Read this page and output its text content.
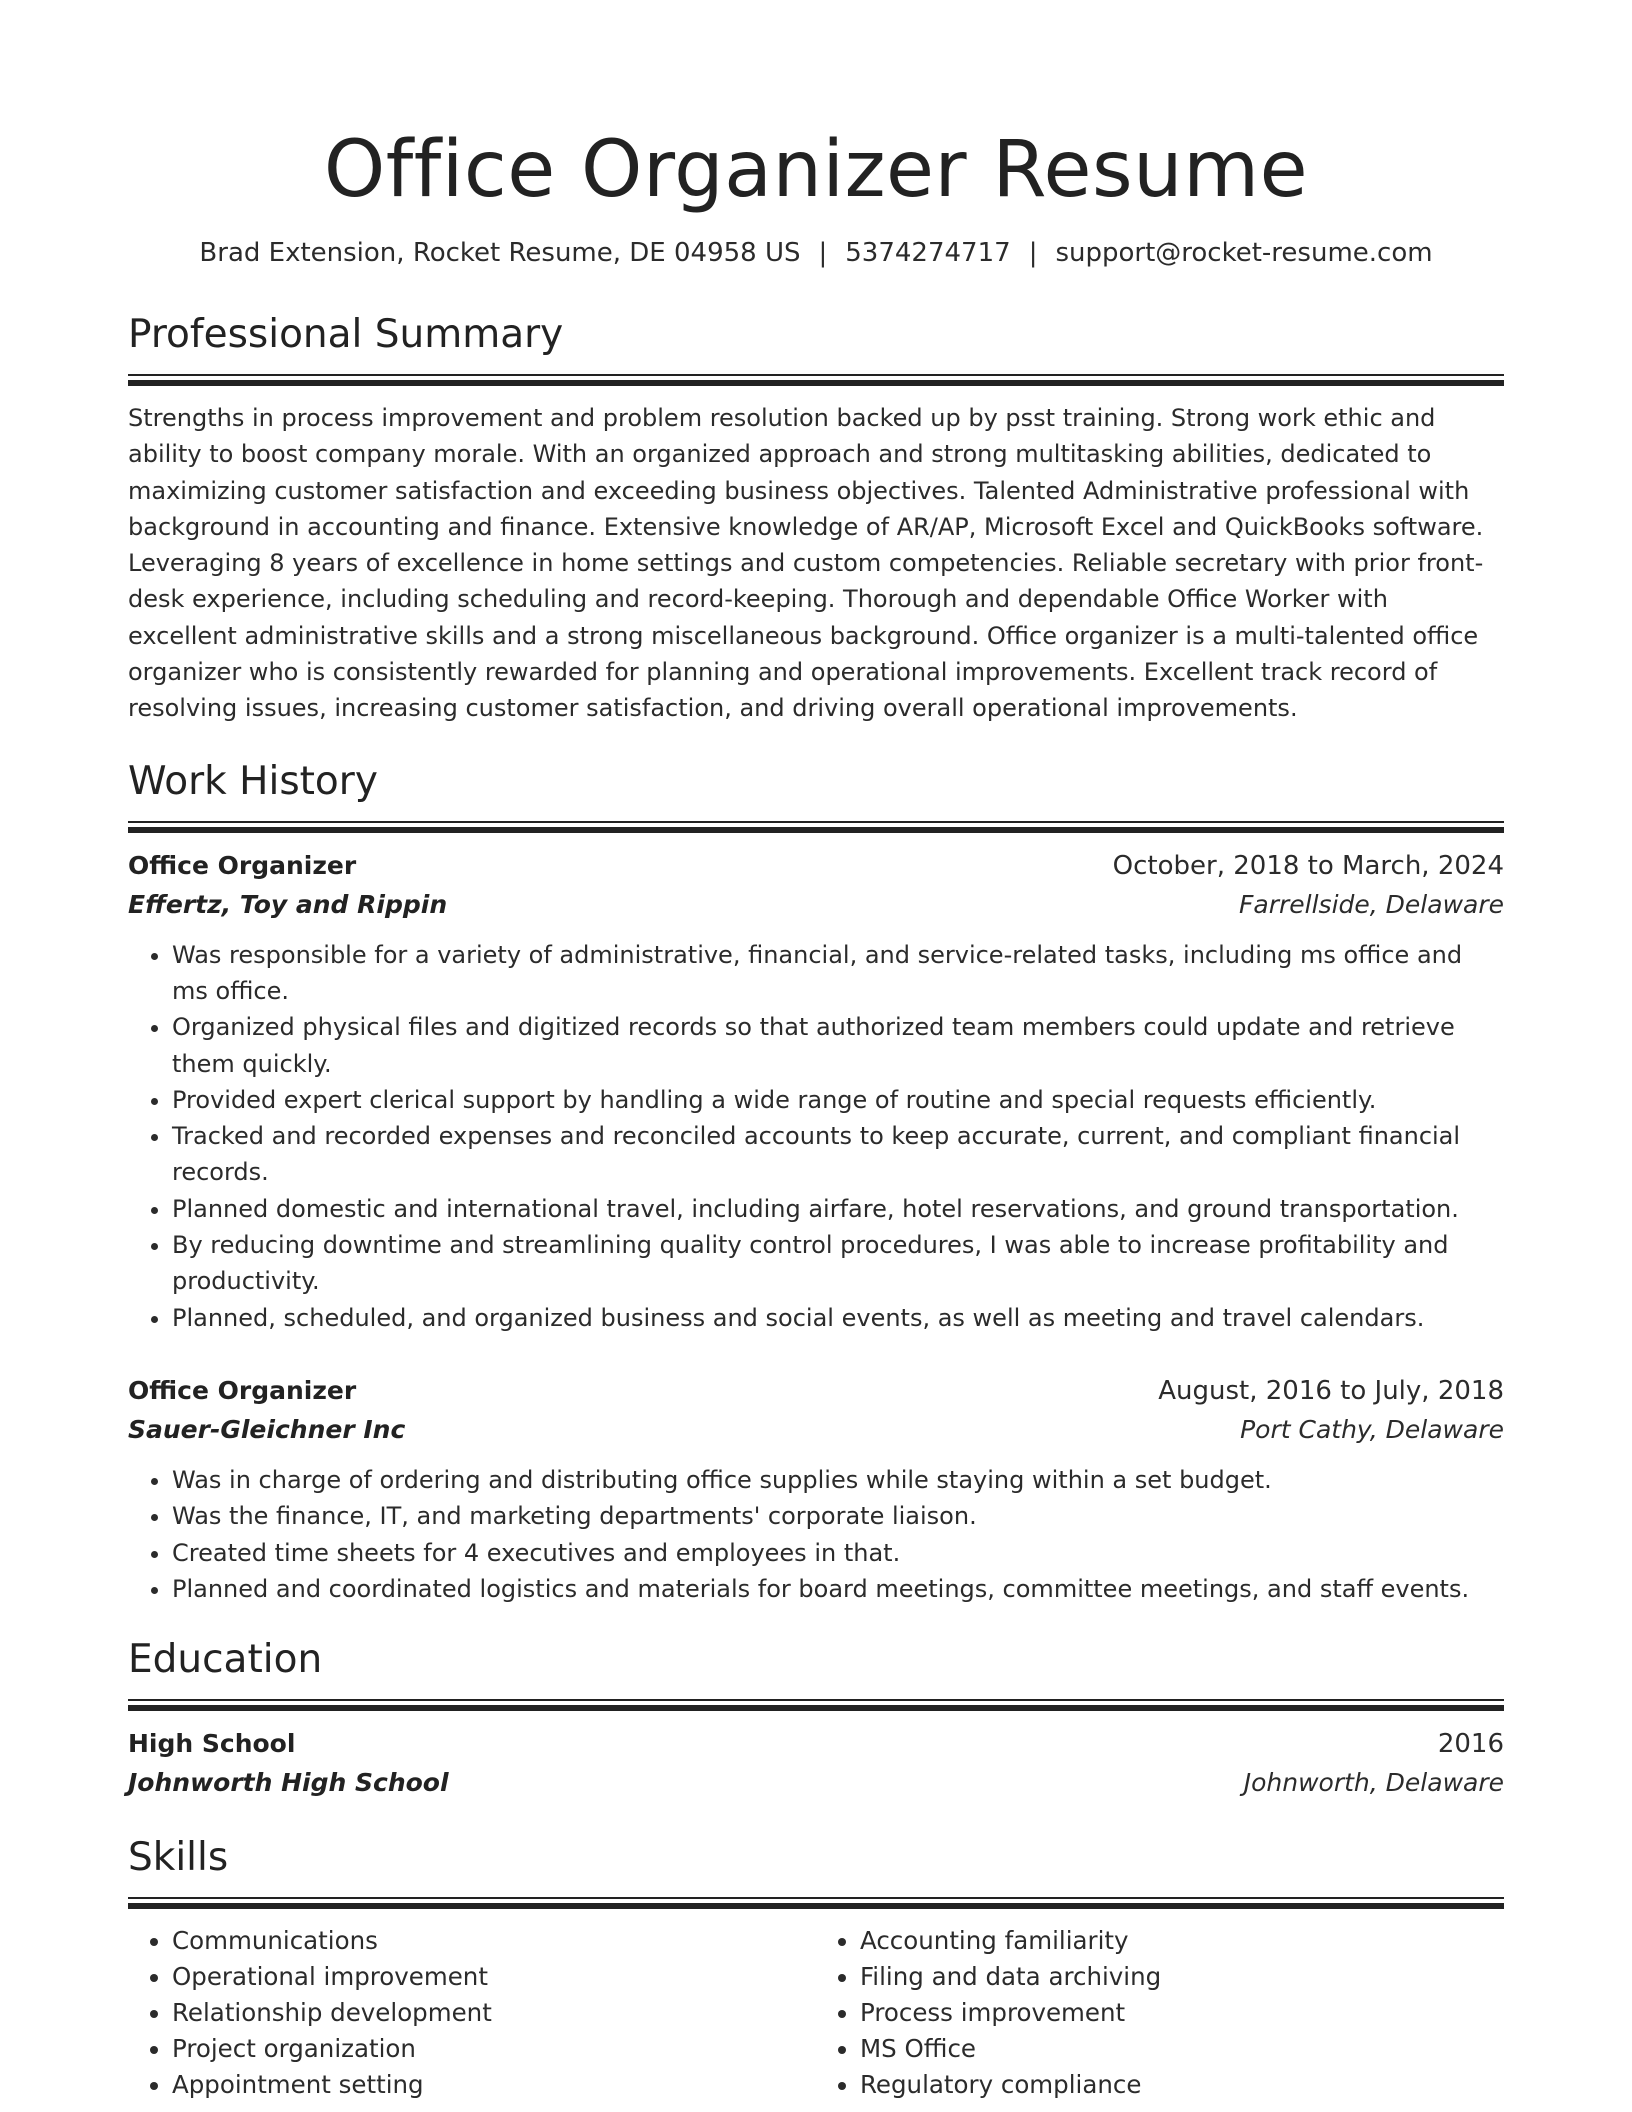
Office Organizer Resume
Brad Extension, Rocket Resume, DE 04958 US | 5374274717 | support@rocket-resume.com
Professional Summary

Strengths in process improvement and problem resolution backed up by psst training. Strong work ethic and ability to boost company morale. With an organized approach and strong multitasking abilities, dedicated to maximizing customer satisfaction and exceeding business objectives. Talented Administrative professional with background in accounting and finance. Extensive knowledge of AR/AP, Microsoft Excel and QuickBooks software. Leveraging 8 years of excellence in home settings and custom competencies. Reliable secretary with prior front-desk experience, including scheduling and record-keeping. Thorough and dependable Office Worker with excellent administrative skills and a strong miscellaneous background. Office organizer is a multi-talented office organizer who is consistently rewarded for planning and operational improvements. Excellent track record of resolving issues, increasing customer satisfaction, and driving overall operational improvements.

Work History
Office Organizer	October, 2018 to March, 2024
Effertz, Toy and Rippin	Farrellside, Delaware
• Was responsible for a variety of administrative, financial, and service-related tasks, including ms office and ms office.
• Organized physical files and digitized records so that authorized team members could update and retrieve them quickly.
• Provided expert clerical support by handling a wide range of routine and special requests efficiently.
• Tracked and recorded expenses and reconciled accounts to keep accurate, current, and compliant financial records.
• Planned domestic and international travel, including airfare, hotel reservations, and ground transportation.
• By reducing downtime and streamlining quality control procedures, I was able to increase profitability and productivity.
• Planned, scheduled, and organized business and social events, as well as meeting and travel calendars.
Office Organizer	August, 2016 to July, 2018
Sauer-Gleichner Inc	Port Cathy, Delaware
• Was in charge of ordering and distributing office supplies while staying within a set budget.
• Was the finance, IT, and marketing departments' corporate liaison.
• Created time sheets for 4 executives and employees in that.
• Planned and coordinated logistics and materials for board meetings, committee meetings, and staff events.
Education
High School	2016
Johnworth High School	Johnworth, Delaware
Skills
• Communications
• Operational improvement
• Relationship development
• Project organization
• Appointment setting
• Accounting familiarity
• Filing and data archiving
• Process improvement
• MS Office
• Regulatory compliance
